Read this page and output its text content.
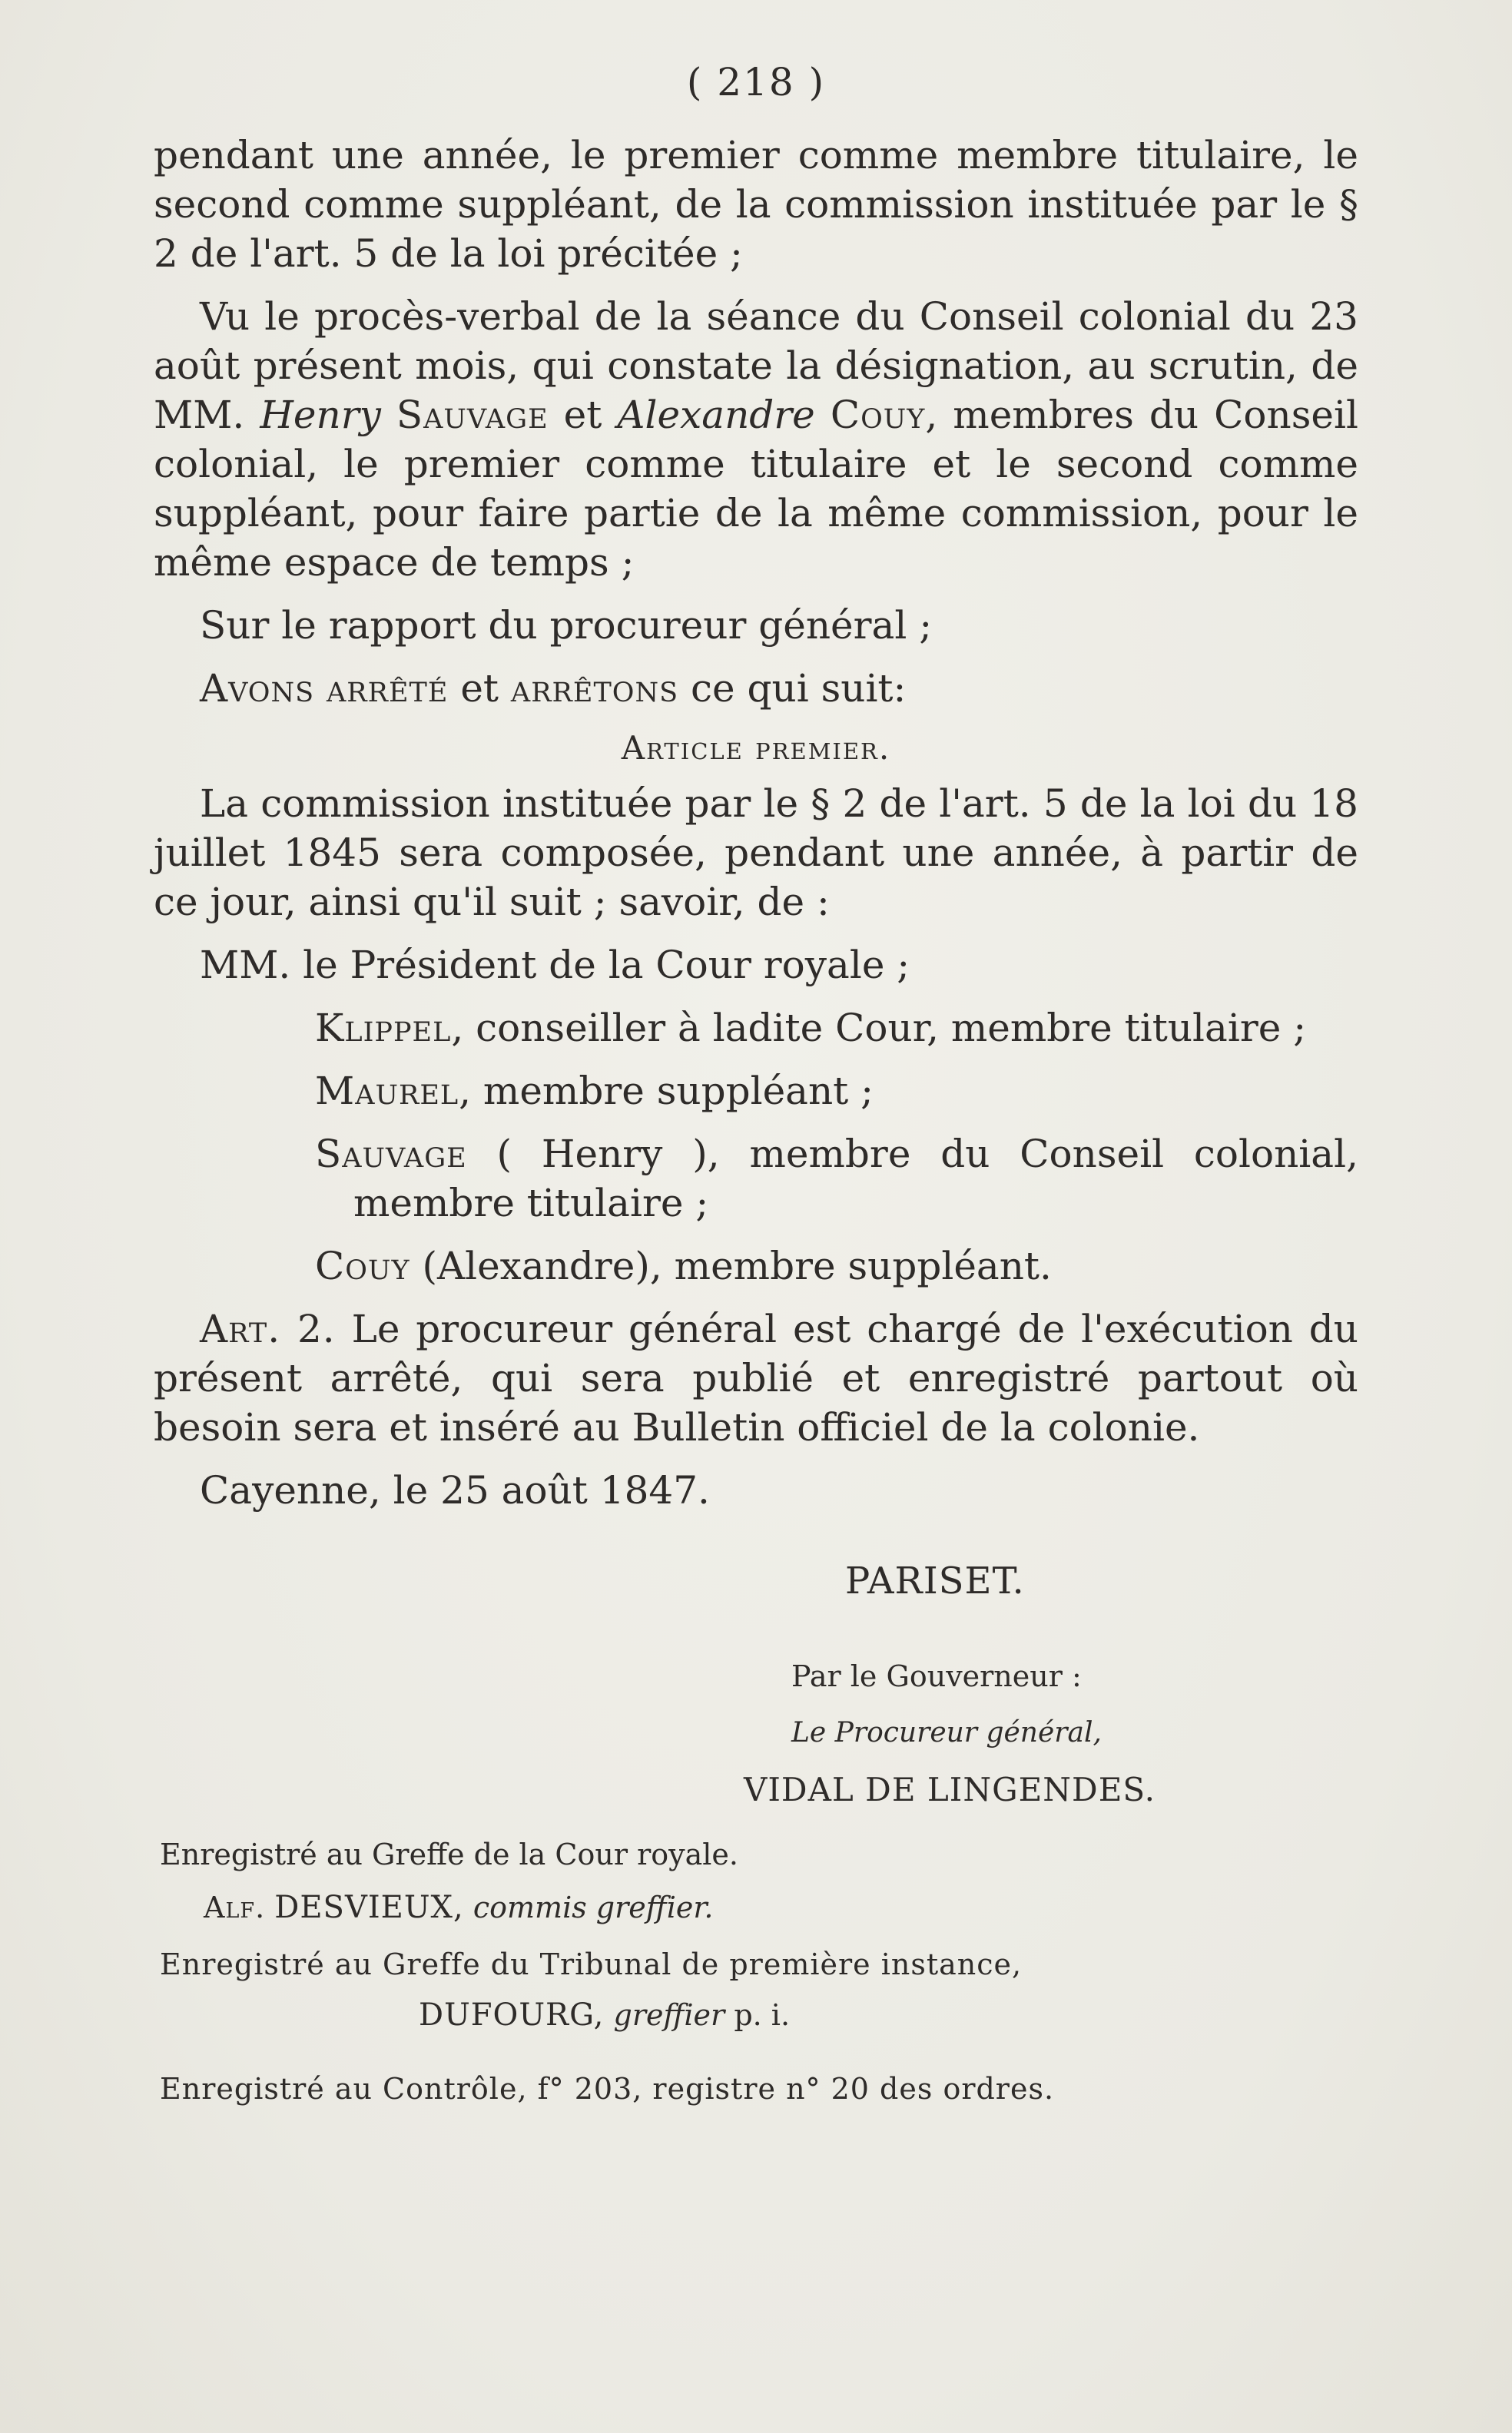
( 218 )

pendant une année, le premier comme membre titulaire, le second comme suppléant, de la commission instituée par le § 2 de l'art. 5 de la loi précitée ;

Vu le procès-verbal de la séance du Conseil colonial du 23 août présent mois, qui constate la désignation, au scrutin, de MM. Henry Sauvage et Alexandre Couy, membres du Conseil colonial, le premier comme titulaire et le second comme suppléant, pour faire partie de la même commission, pour le même espace de temps ;

Sur le rapport du procureur général ;

Avons arrêté et arrêtons ce qui suit:

Article premier.

La commission instituée par le § 2 de l'art. 5 de la loi du 18 juillet 1845 sera composée, pendant une année, à partir de ce jour, ainsi qu'il suit ; savoir, de :

MM. le Président de la Cour royale ;

Klippel, conseiller à ladite Cour, membre titulaire ;

Maurel, membre suppléant ;

Sauvage ( Henry ), membre du Conseil colonial, membre titulaire ;

Couy (Alexandre), membre suppléant.

Art. 2. Le procureur général est chargé de l'exécution du présent arrêté, qui sera publié et enregistré partout où besoin sera et inséré au Bulletin officiel de la colonie.

Cayenne, le 25 août 1847.

PARISET.
Par le Gouverneur :
Le Procureur général,
VIDAL DE LINGENDES.
Enregistré au Greffe de la Cour royale.
Alf. DESVIEUX, commis greffier.
Enregistré au Greffe du Tribunal de première instance,
DUFOURG, greffier p. i.
Enregistré au Contrôle, f° 203, registre n° 20 des ordres.
